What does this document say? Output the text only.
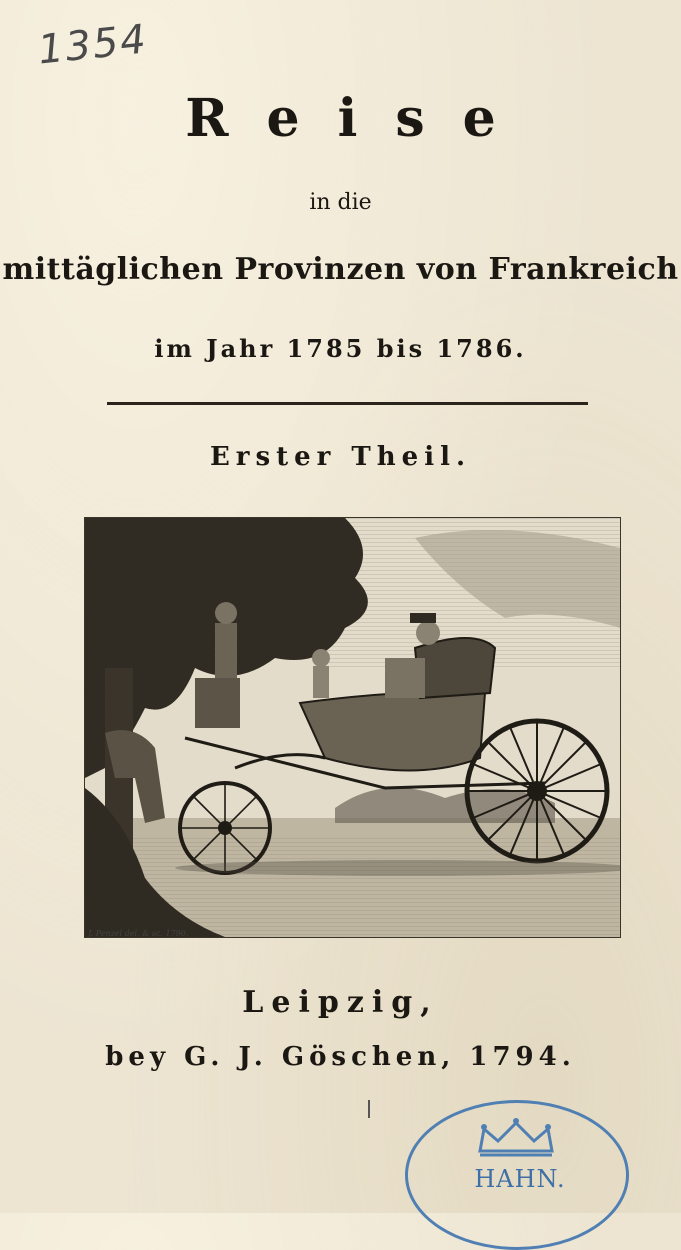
1354
Reise
in die
mittäglichen Provinzen von Frankreich
im Jahr 1785 bis 1786.
Erster Theil.
J. Penzel del. & sc. 1790.
Leipzig,
bey G. J. Göschen, 1794.
HAHN.
